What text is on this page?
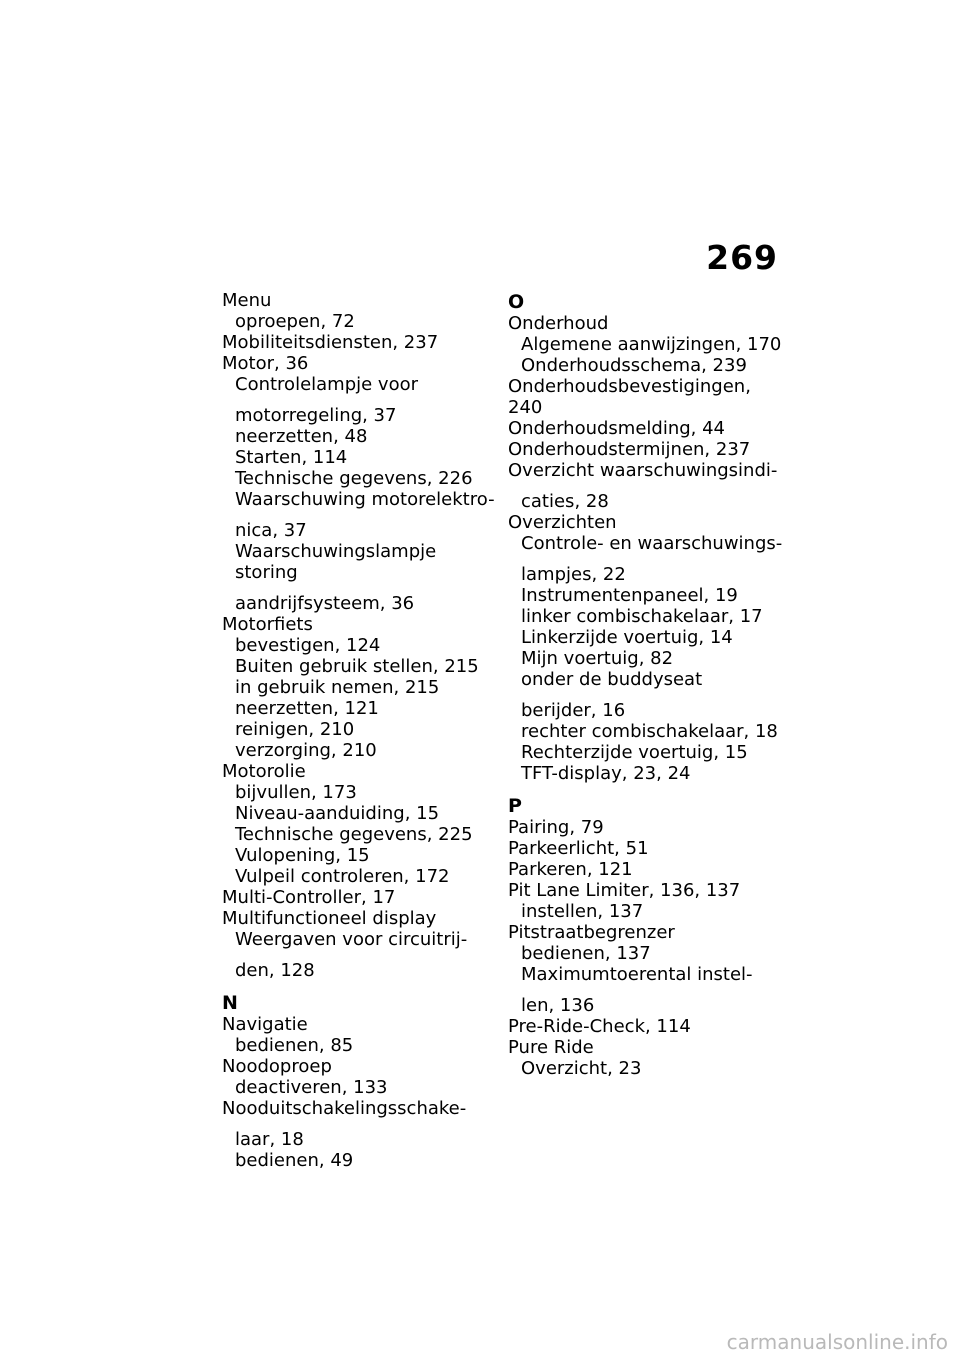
269
Menu
oproepen, 72
Mobiliteitsdiensten, 237
Motor, 36
Controlelampje voor
motorregeling, 37
neerzetten, 48
Starten, 114
Technische gegevens, 226
Waarschuwing motorelektro-
nica, 37
Waarschuwingslampje storing
aandrijfsysteem, 36
Motorfiets
bevestigen, 124
Buiten gebruik stellen, 215
in gebruik nemen, 215
neerzetten, 121
reinigen, 210
verzorging, 210
Motorolie
bijvullen, 173
Niveau-aanduiding, 15
Technische gegevens, 225
Vulopening, 15
Vulpeil controleren, 172
Multi-Controller, 17
Multifunctioneel display
Weergaven voor circuitrij-
den, 128
N
Navigatie
bedienen, 85
Noodoproep
deactiveren, 133
Nooduitschakelingsschake-
laar, 18
bedienen, 49
O
Onderhoud
Algemene aanwijzingen, 170
Onderhoudsschema, 239
Onderhoudsbevestigingen, 240
Onderhoudsmelding, 44
Onderhoudstermijnen, 237
Overzicht waarschuwingsindi-
caties, 28
Overzichten
Controle- en waarschuwings-
lampjes, 22
Instrumentenpaneel, 19
linker combischakelaar, 17
Linkerzijde voertuig, 14
Mijn voertuig, 82
onder de buddyseat
berijder, 16
rechter combischakelaar, 18
Rechterzijde voertuig, 15
TFT-display, 23, 24
P
Pairing, 79
Parkeerlicht, 51
Parkeren, 121
Pit Lane Limiter, 136, 137
instellen, 137
Pitstraatbegrenzer
bedienen, 137
Maximumtoerental instel-
len, 136
Pre-Ride-Check, 114
Pure Ride
Overzicht, 23
carmanualsonline.info
